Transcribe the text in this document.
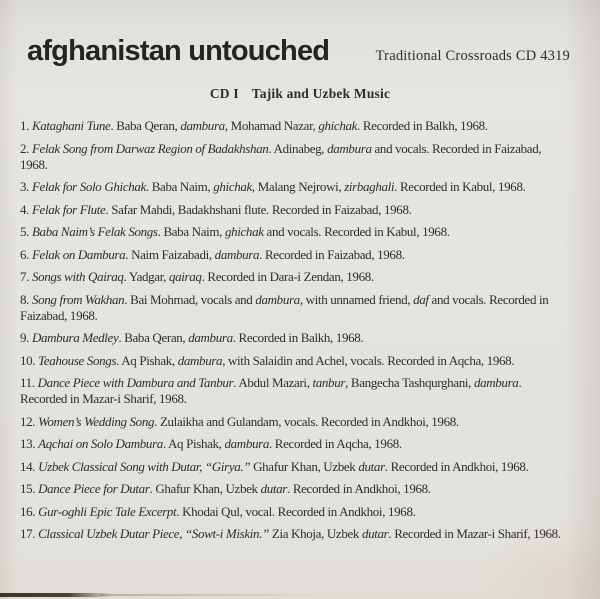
afghanistan untouched	Traditional Crossroads CD 4319
CD I Tajik and Uzbek Music

1. Kataghani Tune. Baba Qeran, dambura, Mohamad Nazar, ghichak. Recorded in Balkh, 1968.

2. Felak Song from Darwaz Region of Badakhshan. Adinabeg, dambura and vocals. Recorded in Faizabad,
1968.

3. Felak for Solo Ghichak. Baba Naim, ghichak, Malang Nejrowi, zirbaghali. Recorded in Kabul, 1968.

4. Felak for Flute. Safar Mahdi, Badakhshani flute. Recorded in Faizabad, 1968.

5. Baba Naim’s Felak Songs. Baba Naim, ghichak and vocals. Recorded in Kabul, 1968.

6. Felak on Dambura. Naim Faizabadi, dambura. Recorded in Faizabad, 1968.

7. Songs with Qairaq. Yadgar, qairaq. Recorded in Dara-i Zendan, 1968.

8. Song from Wakhan. Bai Mohmad, vocals and dambura, with unnamed friend, daf and vocals. Recorded in
Faizabad, 1968.

9. Dambura Medley. Baba Qeran, dambura. Recorded in Balkh, 1968.

10. Teahouse Songs. Aq Pishak, dambura, with Salaidin and Achel, vocals. Recorded in Aqcha, 1968.

11. Dance Piece with Dambura and Tanbur. Abdul Mazari, tanbur, Bangecha Tashqurghani, dambura.
Recorded in Mazar-i Sharif, 1968.

12. Women’s Wedding Song. Zulaikha and Gulandam, vocals. Recorded in Andkhoi, 1968.

13. Aqchai on Solo Dambura. Aq Pishak, dambura. Recorded in Aqcha, 1968.

14. Uzbek Classical Song with Dutar, “Girya.” Ghafur Khan, Uzbek dutar. Recorded in Andkhoi, 1968.

15. Dance Piece for Dutar. Ghafur Khan, Uzbek dutar. Recorded in Andkhoi, 1968.

16. Gur-oghli Epic Tale Excerpt. Khodai Qul, vocal. Recorded in Andkhoi, 1968.

17. Classical Uzbek Dutar Piece, “Sowt-i Miskin.” Zia Khoja, Uzbek dutar. Recorded in Mazar-i Sharif, 1968.
